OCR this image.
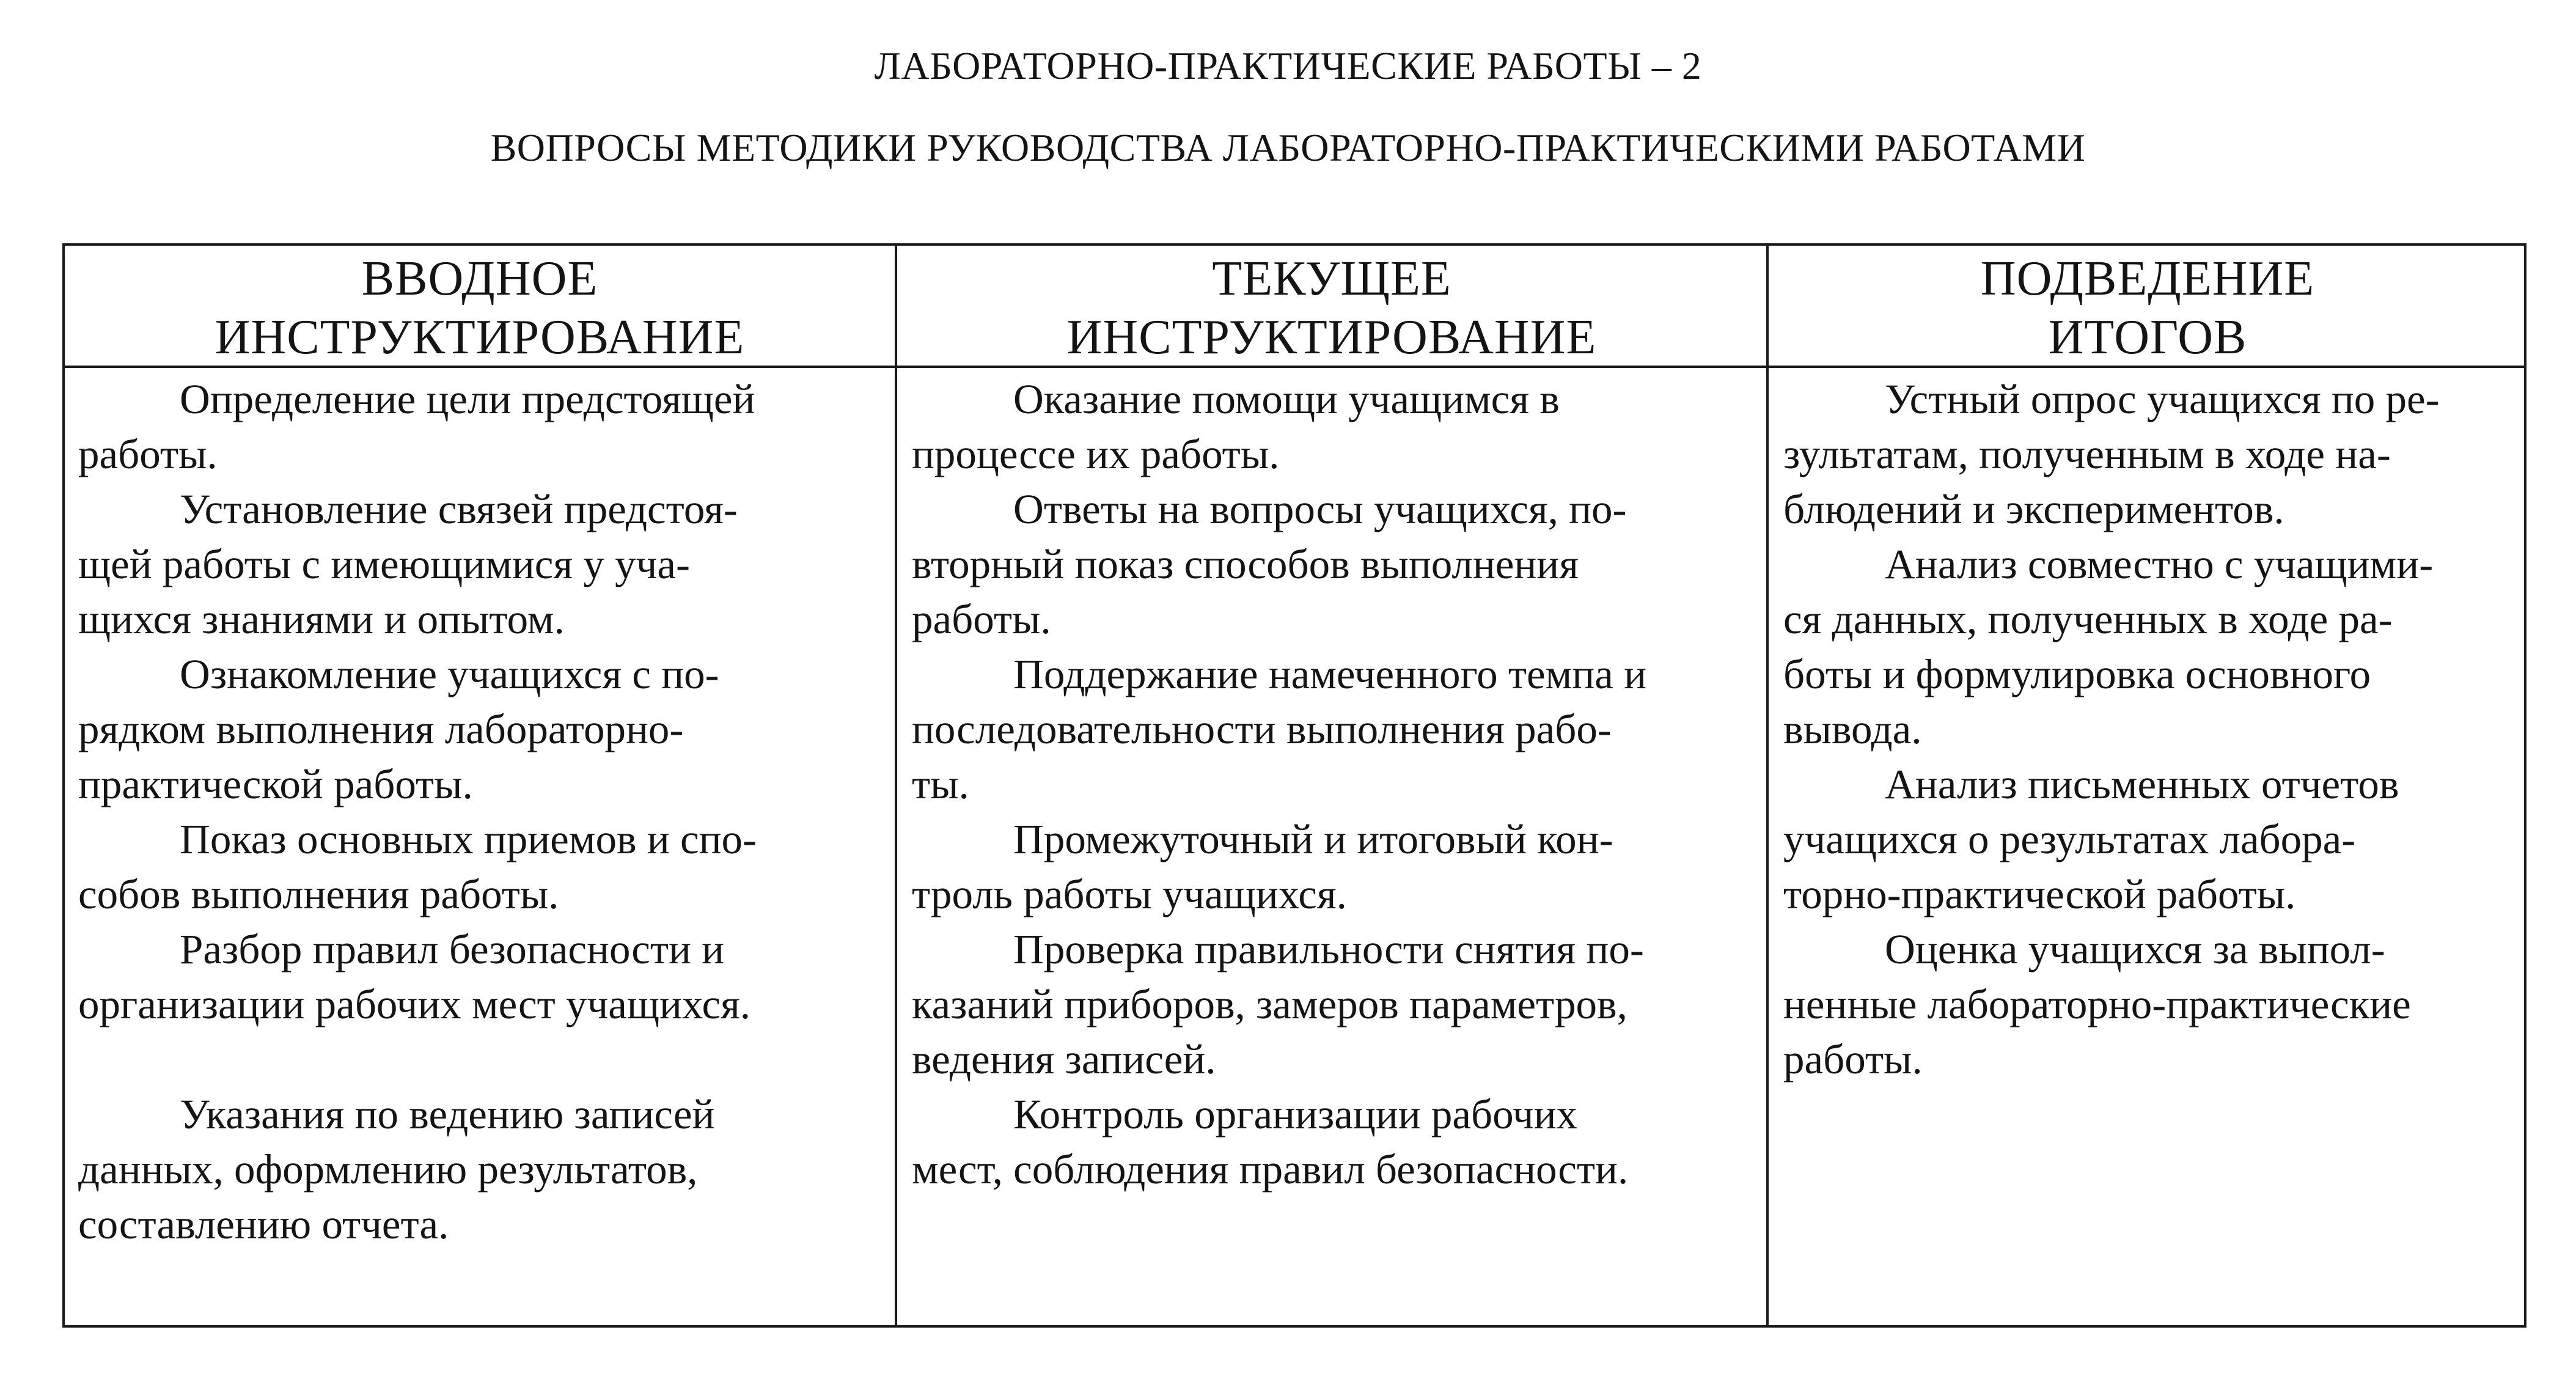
ЛАБОРАТОРНО-ПРАКТИЧЕСКИЕ РАБОТЫ – 2
ВОПРОСЫ МЕТОДИКИ РУКОВОДСТВА ЛАБОРАТОРНО-ПРАКТИЧЕСКИМИ РАБОТАМИ
ВВОДНОЕ
ИНСТРУКТИРОВАНИЕ
ТЕКУЩЕЕ
ИНСТРУКТИРОВАНИЕ
ПОДВЕДЕНИЕ
ИТОГОВ

Определение цели предстоящей
работы.

Установление связей предстоя-
щей работы с имеющимися у уча-
щихся знаниями и опытом.

Ознакомление учащихся с по-
рядком выполнения лабораторно-
практической работы.

Показ основных приемов и спо-
собов выполнения работы.

Разбор правил безопасности и
организации рабочих мест учащихся.

Указания по ведению записей
данных, оформлению результатов,
составлению отчета.

Оказание помощи учащимся в
процессе их работы.

Ответы на вопросы учащихся, по-
вторный показ способов выполнения
работы.

Поддержание намеченного темпа и
последовательности выполнения рабо-
ты.

Промежуточный и итоговый кон-
троль работы учащихся.

Проверка правильности снятия по-
казаний приборов, замеров параметров,
ведения записей.

Контроль организации рабочих
мест, соблюдения правил безопасности.

Устный опрос учащихся по ре-
зультатам, полученным в ходе на-
блюдений и экспериментов.

Анализ совместно с учащими-
ся данных, полученных в ходе ра-
боты и формулировка основного
вывода.

Анализ письменных отчетов
учащихся о результатах лабора-
торно-практической работы.

Оценка учащихся за выпол-
ненные лабораторно-практические
работы.
